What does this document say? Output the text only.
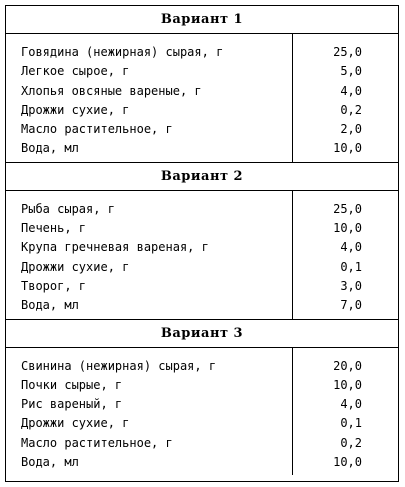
Вариант 1
Говядина (нежирная) сырая, г
Легкое сырое, г
Хлопья овсяные вареные, г
Дрожжи сухие, г
Масло растительное, г
Вода, мл
25,0
5,0
4,0
0,2
2,0
10,0
Вариант 2
Рыба сырая, г
Печень, г
Крупа гречневая вареная, г
Дрожжи сухие, г
Творог, г
Вода, мл
25,0
10,0
4,0
0,1
3,0
7,0
Вариант 3
Свинина (нежирная) сырая, г
Почки сырые, г
Рис вареный, г
Дрожжи сухие, г
Масло растительное, г
Вода, мл
20,0
10,0
4,0
0,1
0,2
10,0
